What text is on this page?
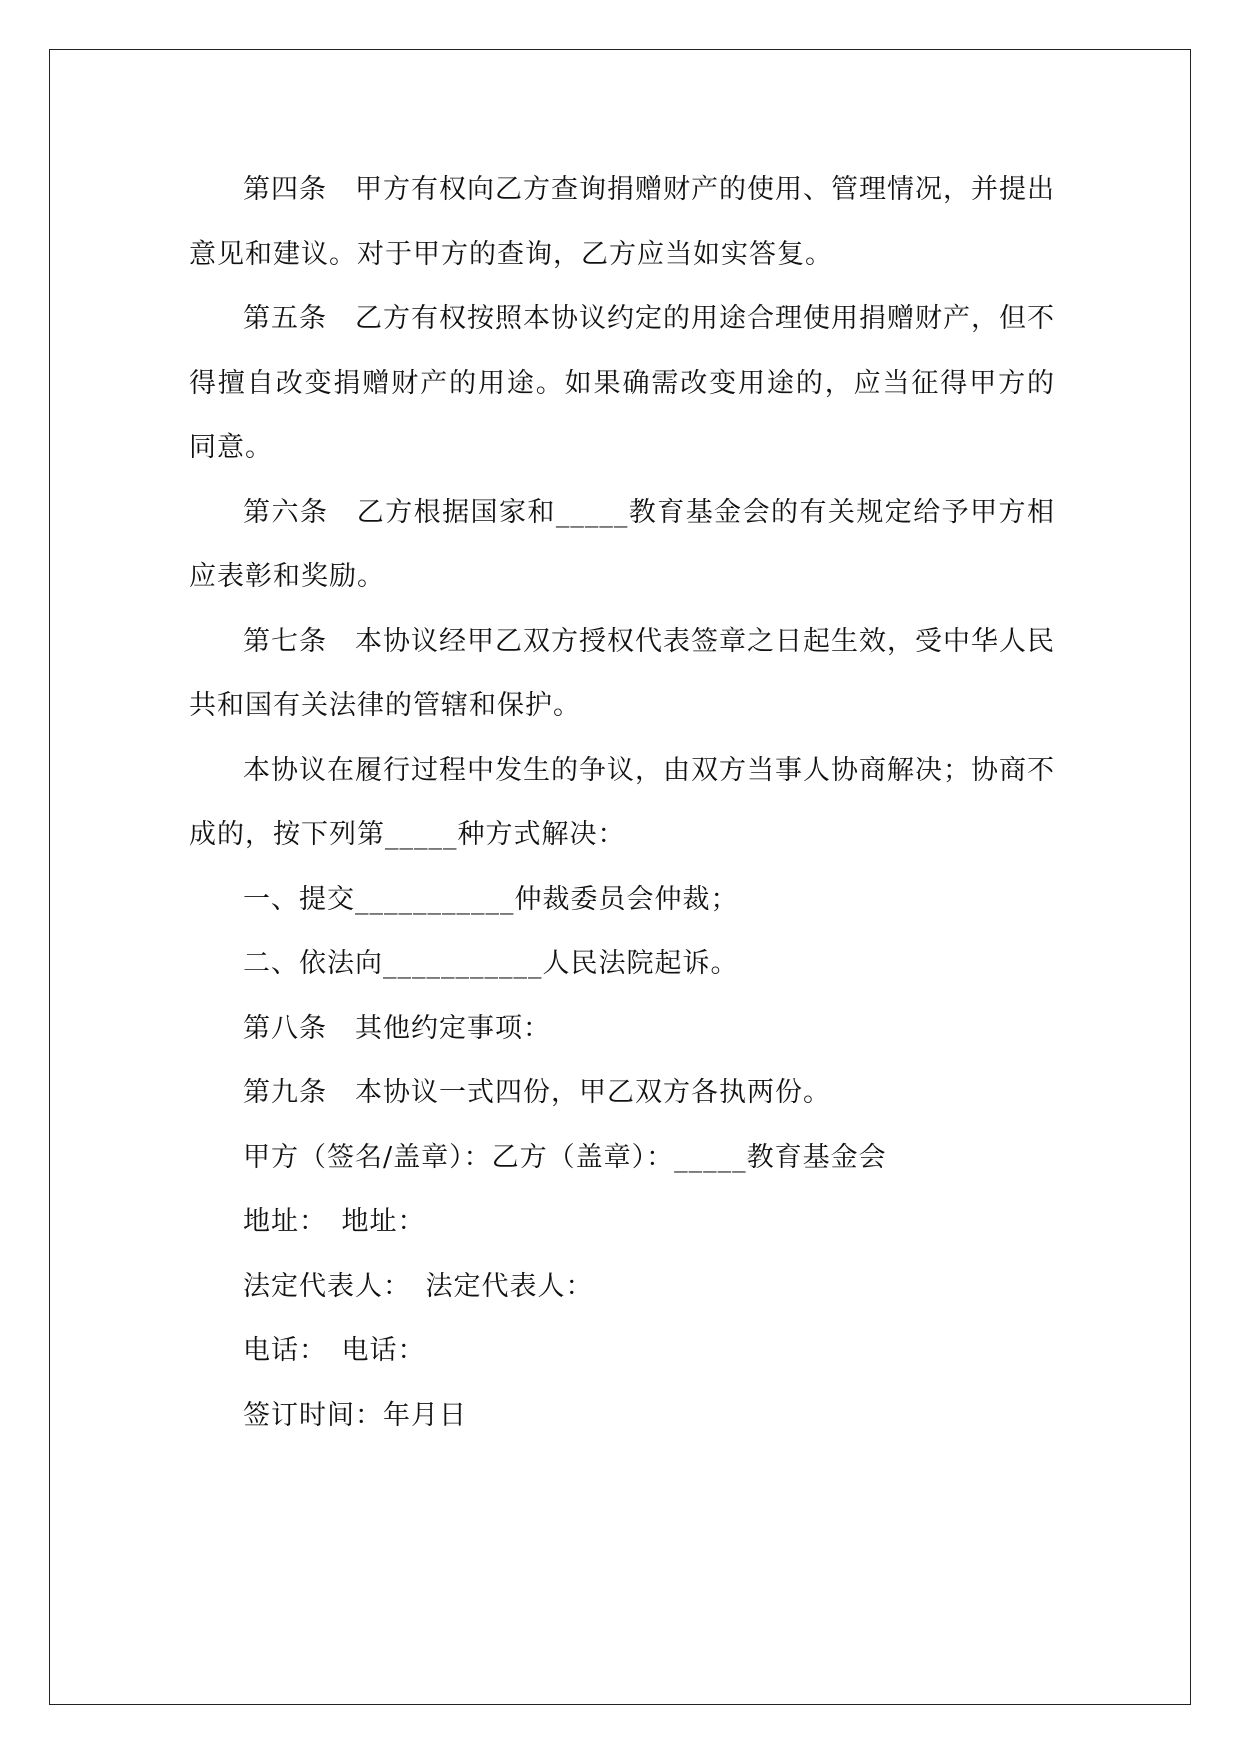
第四条　甲方有权向乙方查询捐赠财产的使用、管理情况，并提出意见和建议。对于甲方的查询，乙方应当如实答复。

第五条　乙方有权按照本协议约定的用途合理使用捐赠财产，但不得擅自改变捐赠财产的用途。如果确需改变用途的，应当征得甲方的同意。

第六条　乙方根据国家和_____教育基金会的有关规定给予甲方相应表彰和奖励。

第七条　本协议经甲乙双方授权代表签章之日起生效，受中华人民共和国有关法律的管辖和保护。

本协议在履行过程中发生的争议，由双方当事人协商解决；协商不成的，按下列第_____种方式解决：

一、提交___________仲裁委员会仲裁；

二、依法向___________人民法院起诉。

第八条　其他约定事项：

第九条　本协议一式四份，甲乙双方各执两份。

甲方（签名/盖章）：乙方（盖章）：_____教育基金会

地址：　地址：

法定代表人：　法定代表人：

电话：　电话：

签订时间：年月日
